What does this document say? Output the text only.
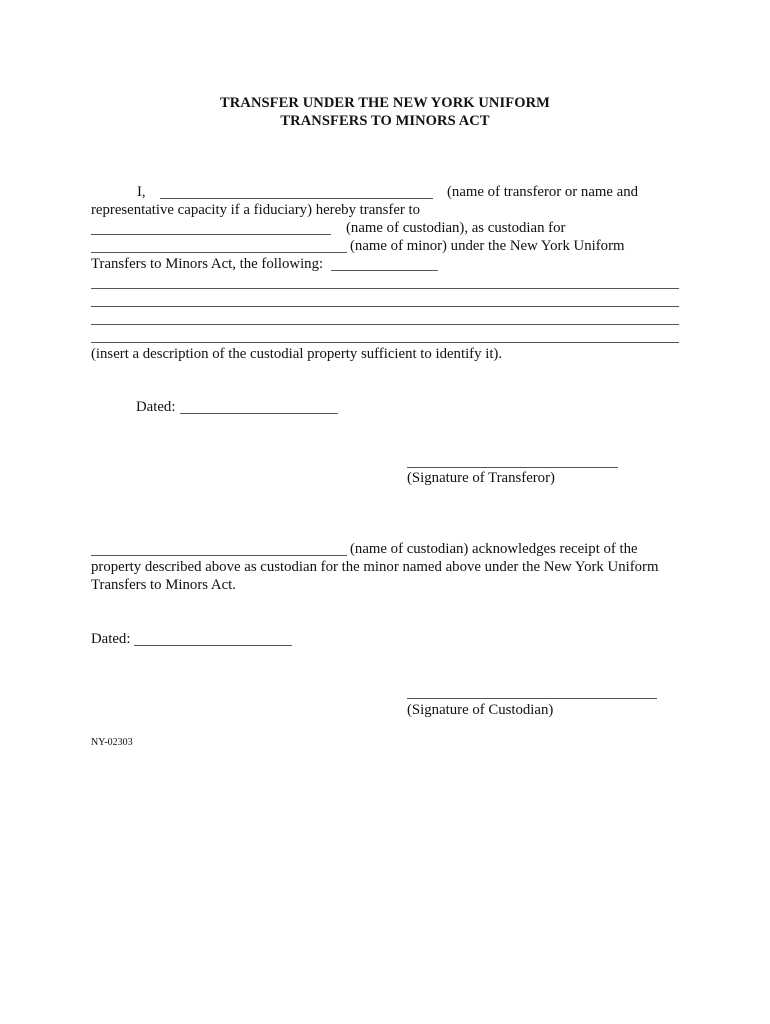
TRANSFER UNDER THE NEW YORK UNIFORM
TRANSFERS TO MINORS ACT
I,	(name of transferor or name and
representative capacity if a fiduciary) hereby transfer to
(name of custodian), as custodian for
(name of minor) under the New York Uniform
Transfers to Minors Act, the following:
(insert a description of the custodial property sufficient to identify it).
Dated:
(Signature of Transferor)
(name of custodian) acknowledges receipt of the
property described above as custodian for the minor named above under the New York Uniform
Transfers to Minors Act.
Dated:
(Signature of Custodian)
NY-02303
